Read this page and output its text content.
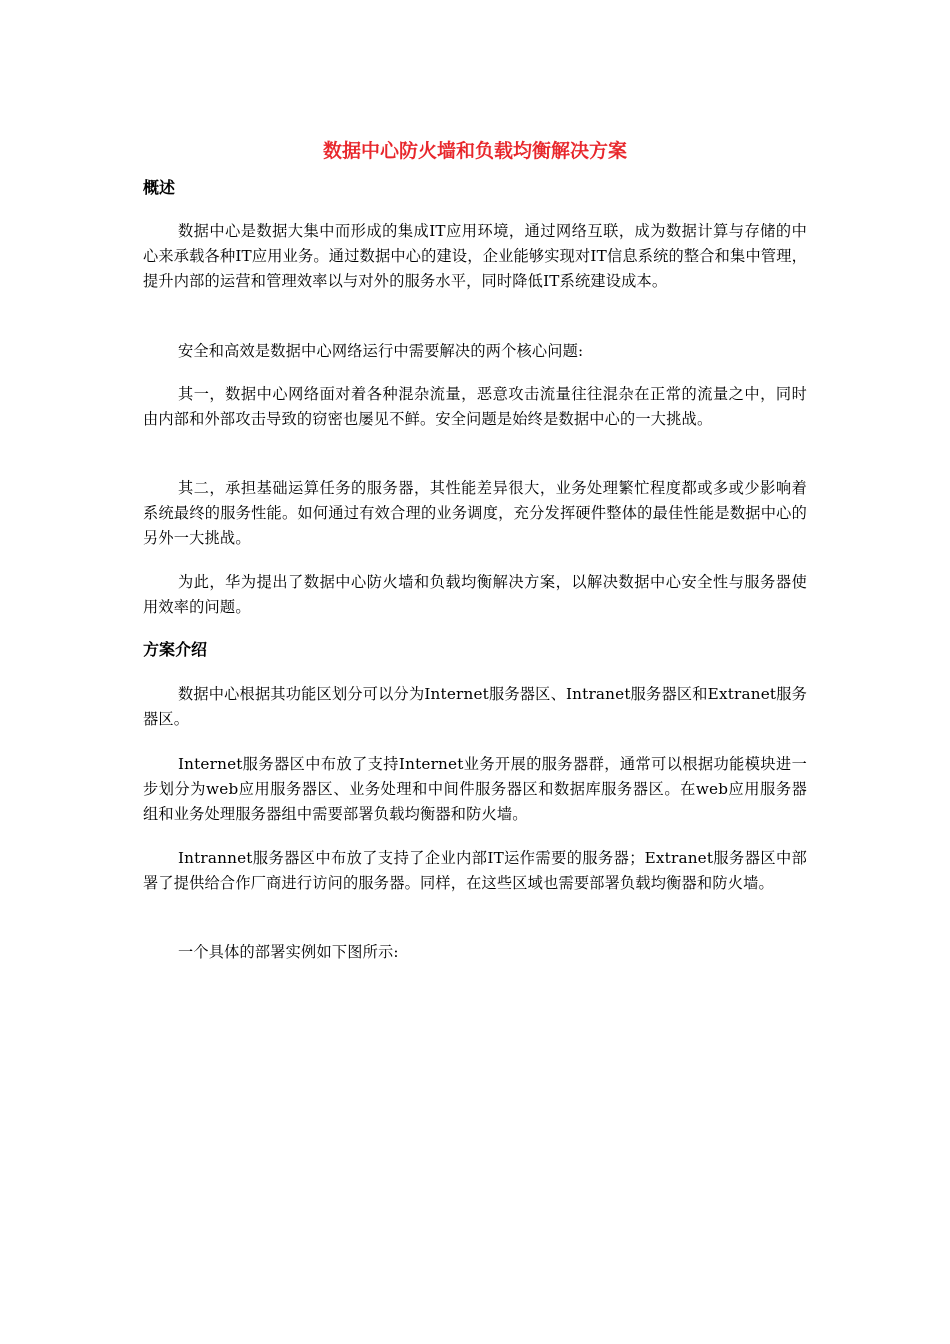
数据中心防火墙和负载均衡解决方案
概述

数据中心是数据大集中而形成的集成IT应用环境，通过网络互联，成为数据计算与存储的中心来承载各种IT应用业务。通过数据中心的建设，企业能够实现对IT信息系统的整合和集中管理，提升内部的运营和管理效率以与对外的服务水平，同时降低IT系统建设成本。

安全和高效是数据中心网络运行中需要解决的两个核心问题:

其一，数据中心网络面对着各种混杂流量，恶意攻击流量往往混杂在正常的流量之中，同时由内部和外部攻击导致的窃密也屡见不鲜。安全问题是始终是数据中心的一大挑战。

其二，承担基础运算任务的服务器，其性能差异很大，业务处理繁忙程度都或多或少影响着系统最终的服务性能。如何通过有效合理的业务调度，充分发挥硬件整体的最佳性能是数据中心的另外一大挑战。

为此，华为提出了数据中心防火墙和负载均衡解决方案，以解决数据中心安全性与服务器使用效率的问题。

方案介绍

数据中心根据其功能区划分可以分为Internet服务器区、Intranet服务器区和Extranet服务器区。

Internet服务器区中布放了支持Internet业务开展的服务器群，通常可以根据功能模块进一步划分为web应用服务器区、业务处理和中间件服务器区和数据库服务器区。在web应用服务器组和业务处理服务器组中需要部署负载均衡器和防火墙。

Intrannet服务器区中布放了支持了企业内部IT运作需要的服务器；Extranet服务器区中部署了提供给合作厂商进行访问的服务器。同样，在这些区域也需要部署负载均衡器和防火墙。

一个具体的部署实例如下图所示:
